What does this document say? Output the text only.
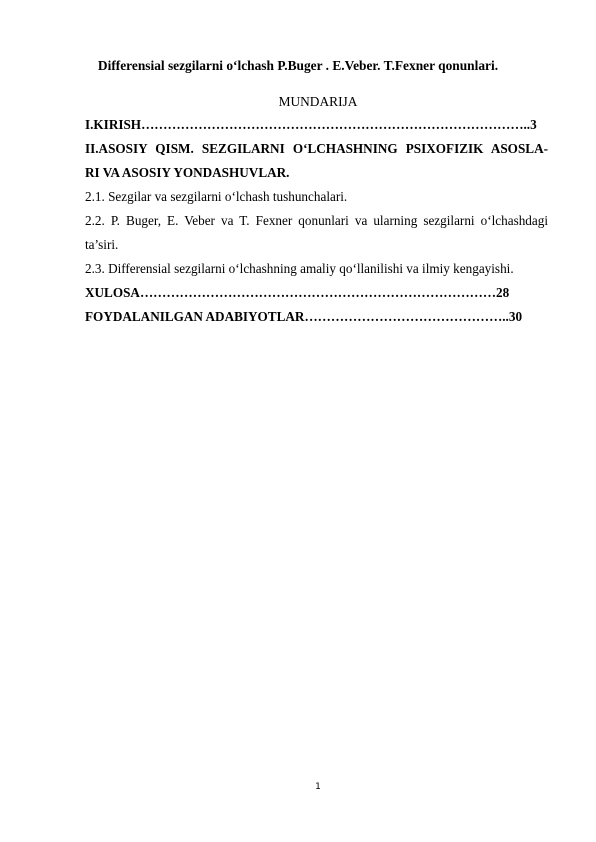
Differensial sezgilarni o‘lchash P.Buger . E.Veber. T.Fexner qonunlari.
MUNDARIJA
I.KIRISH……………………………………………………………………………..3
II.ASOSIY QISM. SEZGILARNI O‘LCHASHNING PSIXOFIZIK ASOSLA-
RI VA ASOSIY YONDASHUVLAR.
2.1. Sezgilar va sezgilarni o‘lchash tushunchalari.
2.2. P. Buger, E. Veber va T. Fexner qonunlari va ularning sezgilarni o‘lchashdagi
ta’siri.
2.3. Differensial sezgilarni o‘lchashning amaliy qo‘llanilishi va ilmiy kengayishi.
XULOSA………………………………………………………………………28
FOYDALANILGAN ADABIYOTLAR………………………………………..30
1
